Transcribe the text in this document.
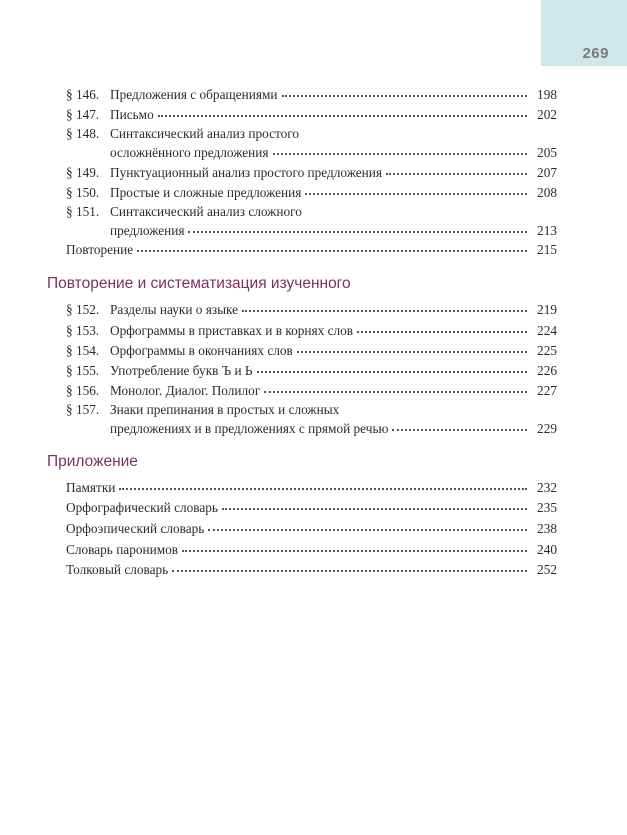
269
§ 146. Предложения с обращениями	198
§ 147. Письмо	202
§ 148. Синтаксический анализ простого
осложнённого предложения	205
§ 149. Пунктуационный анализ простого предложения	207
§ 150. Простые и сложные предложения	208
§ 151. Синтаксический анализ сложного
предложения	213
Повторение	215
Повторение и систематизация изученного
§ 152. Разделы науки о языке	219
§ 153. Орфограммы в приставках и в корнях слов	224
§ 154. Орфограммы в окончаниях слов	225
§ 155. Употребление букв Ъ и Ь	226
§ 156. Монолог. Диалог. Полилог	227
§ 157. Знаки препинания в простых и сложных
предложениях и в предложениях с прямой речью	229
Приложение
Памятки	232
Орфографический словарь	235
Орфоэпический словарь	238
Словарь паронимов	240
Толковый словарь	252
